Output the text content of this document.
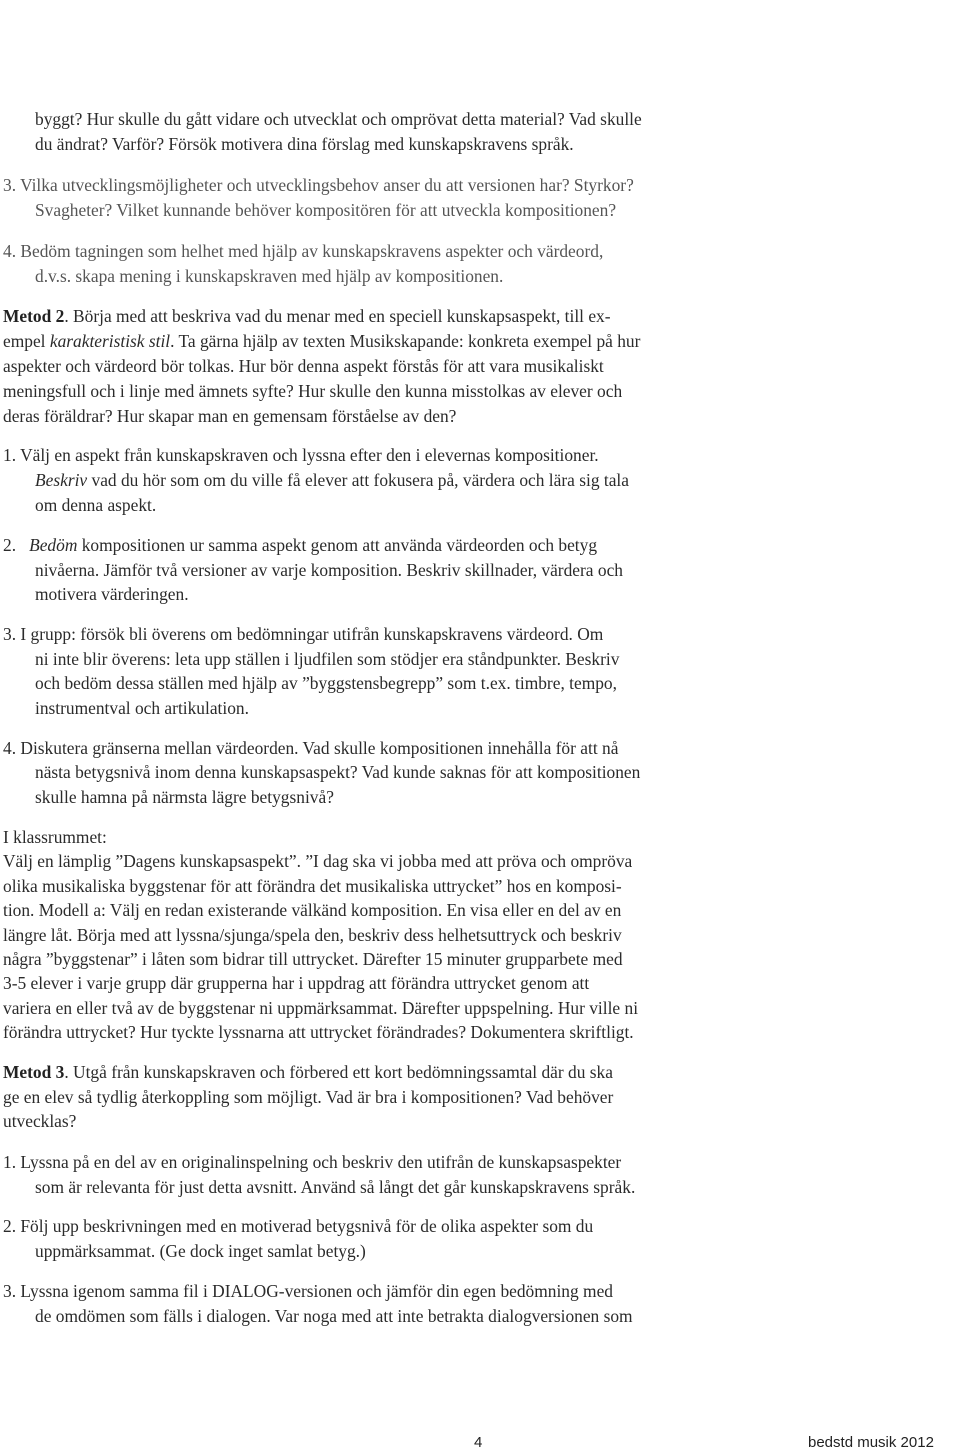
byggt? Hur skulle du gått vidare och utvecklat och omprövat detta material? Vad skulle

du ändrat? Varför? Försök motivera dina förslag med kunskapskravens språk.

3. Vilka utvecklingsmöjligheter och utvecklingsbehov anser du att versionen har? Styrkor?

Svagheter? Vilket kunnande behöver kompositören för att utveckla kompositionen?

4. Bedöm tagningen som helhet med hjälp av kunskapskravens aspekter och värdeord,

d.v.s. skapa mening i kunskapskraven med hjälp av kompositionen.

Metod 2. Börja med att beskriva vad du menar med en speciell kunskapsaspekt, till ex-

empel karakteristisk stil. Ta gärna hjälp av texten Musikskapande: konkreta exempel på hur

aspekter och värdeord bör tolkas. Hur bör denna aspekt förstås för att vara musikaliskt

meningsfull och i linje med ämnets syfte? Hur skulle den kunna misstolkas av elever och

deras föräldrar? Hur skapar man en gemensam förståelse av den?

1. Välj en aspekt från kunskapskraven och lyssna efter den i elevernas kompositioner.

Beskriv vad du hör som om du ville få elever att fokusera på, värdera och lära sig tala

om denna aspekt.

2.   Bedöm kompositionen ur samma aspekt genom att använda värdeorden och betyg

nivåerna. Jämför två versioner av varje komposition. Beskriv skillnader, värdera och

motivera värderingen.

3. I grupp: försök bli överens om bedömningar utifrån kunskapskravens värdeord. Om

ni inte blir överens: leta upp ställen i ljudfilen som stödjer era ståndpunkter. Beskriv

och bedöm dessa ställen med hjälp av ”byggstensbegrepp” som t.ex. timbre, tempo,

instrumentval och artikulation.

4. Diskutera gränserna mellan värdeorden. Vad skulle kompositionen innehålla för att nå

nästa betygsnivå inom denna kunskapsaspekt? Vad kunde saknas för att kompositionen

skulle hamna på närmsta lägre betygsnivå?

I klassrummet:

Välj en lämplig ”Dagens kunskapsaspekt”. ”I dag ska vi jobba med att pröva och ompröva

olika musikaliska byggstenar för att förändra det musikaliska uttrycket” hos en komposi-

tion. Modell a: Välj en redan existerande välkänd komposition. En visa eller en del av en

längre låt. Börja med att lyssna/sjunga/spela den, beskriv dess helhetsuttryck och beskriv

några ”byggstenar” i låten som bidrar till uttrycket. Därefter 15 minuter grupparbete med

3-5 elever i varje grupp där grupperna har i uppdrag att förändra uttrycket genom att

variera en eller två av de byggstenar ni uppmärksammat. Därefter uppspelning. Hur ville ni

förändra uttrycket? Hur tyckte lyssnarna att uttrycket förändrades? Dokumentera skriftligt.

Metod 3. Utgå från kunskapskraven och förbered ett kort bedömningssamtal där du ska

ge en elev så tydlig återkoppling som möjligt. Vad är bra i kompositionen? Vad behöver

utvecklas?

1. Lyssna på en del av en originalinspelning och beskriv den utifrån de kunskapsaspekter

som är relevanta för just detta avsnitt. Använd så långt det går kunskapskravens språk.

2. Följ upp beskrivningen med en motiverad betygsnivå för de olika aspekter som du

uppmärksammat. (Ge dock inget samlat betyg.)

3. Lyssna igenom samma fil i DIALOG-versionen och jämför din egen bedömning med

de omdömen som fälls i dialogen. Var noga med att inte betrakta dialogversionen som

4	bedstd musik 2012
